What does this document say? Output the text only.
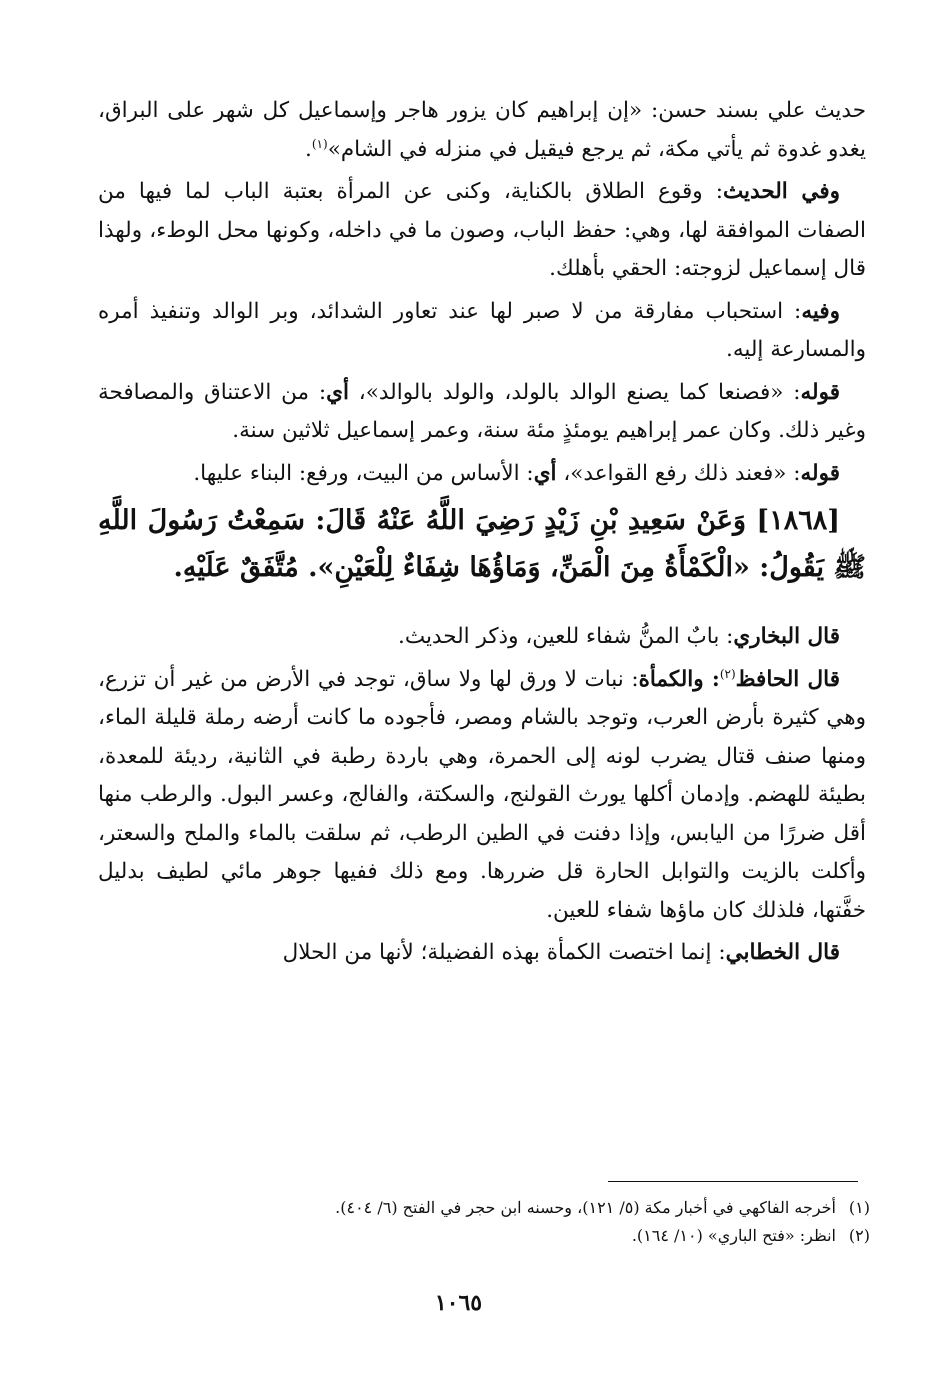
حديث علي بسند حسن: «إن إبراهيم كان يزور هاجر وإسماعيل كل شهر على البراق، يغدو غدوة ثم يأتي مكة، ثم يرجع فيقيل في منزله في الشام»$^{(١)}$.

وفي الحديث: وقوع الطلاق بالكناية، وكنى عن المرأة بعتبة الباب لما فيها من الصفات الموافقة لها، وهي: حفظ الباب، وصون ما في داخله، وكونها محل الوطء، ولهذا قال إسماعيل لزوجته: الحقي بأهلك.

وفيه: استحباب مفارقة من لا صبر لها عند تعاور الشدائد، وبر الوالد وتنفيذ أمره والمسارعة إليه.

قوله: «فصنعا كما يصنع الوالد بالولد، والولد بالوالد»، أي: من الاعتناق والمصافحة وغير ذلك. وكان عمر إبراهيم يومئذٍ مئة سنة، وعمر إسماعيل ثلاثين سنة.

قوله: «فعند ذلك رفع القواعد»، أي: الأساس من البيت، ورفع: البناء عليها.

[١٨٦٨] وَعَنْ سَعِيدِ بْنِ زَيْدٍ رَضِيَ اللَّهُ عَنْهُ قَالَ: سَمِعْتُ رَسُولَ اللَّهِ ﷺ يَقُولُ: «الْكَمْأَةُ مِنَ الْمَنِّ، وَمَاؤُهَا شِفَاءٌ لِلْعَيْنِ». مُتَّفَقٌ عَلَيْهِ.

قال البخاري: بابٌ المنُّ شفاء للعين، وذكر الحديث.

قال الحافظ$^{(٢)}$: والكمأة: نبات لا ورق لها ولا ساق، توجد في الأرض من غير أن تزرع، وهي كثيرة بأرض العرب، وتوجد بالشام ومصر، فأجوده ما كانت أرضه رملة قليلة الماء، ومنها صنف قتال يضرب لونه إلى الحمرة، وهي باردة رطبة في الثانية، رديئة للمعدة، بطيئة للهضم. وإدمان أكلها يورث القولنج، والسكتة، والفالج، وعسر البول. والرطب منها أقل ضررًا من اليابس، وإذا دفنت في الطين الرطب، ثم سلقت بالماء والملح والسعتر، وأكلت بالزيت والتوابل الحارة قل ضررها. ومع ذلك ففيها جوهر مائي لطيف بدليل خفَّتها، فلذلك كان ماؤها شفاء للعين.

قال الخطابي: إنما اختصت الكمأة بهذه الفضيلة؛ لأنها من الحلال

(١)أخرجه الفاكهي في أخبار مكة (٥/ ١٢١)، وحسنه ابن حجر في الفتح (٦/ ٤٠٤).

(٢)انظر: «فتح الباري» (١٠/ ١٦٤).

١٠٦٥
